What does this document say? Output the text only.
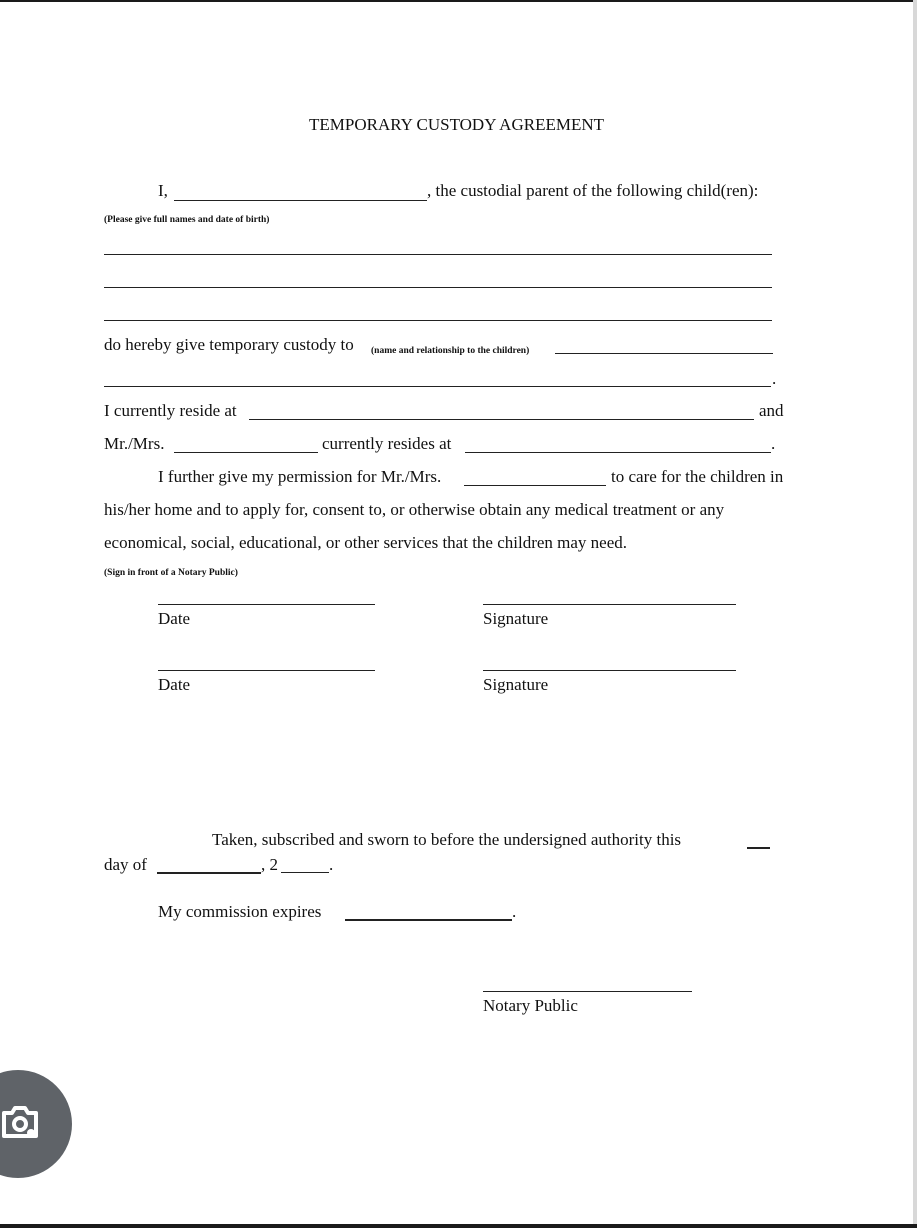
TEMPORARY CUSTODY AGREEMENT
I,	, the custodial parent of the following child(ren):
(Please give full names and date of birth)
do hereby give temporary custody to (name and relationship to the children)
.
I currently reside at	and
Mr./Mrs.	currently resides at	.
I further give my permission for Mr./Mrs.	to care for the children in
his/her home and to apply for, consent to, or otherwise obtain any medical treatment or any
economical, social, educational, or other services that the children may need.
(Sign in front of a Notary Public)
Date	Signature
Date	Signature
Taken, subscribed and sworn to before the undersigned authority this
day of	, 2	.
My commission expires	.
Notary Public
